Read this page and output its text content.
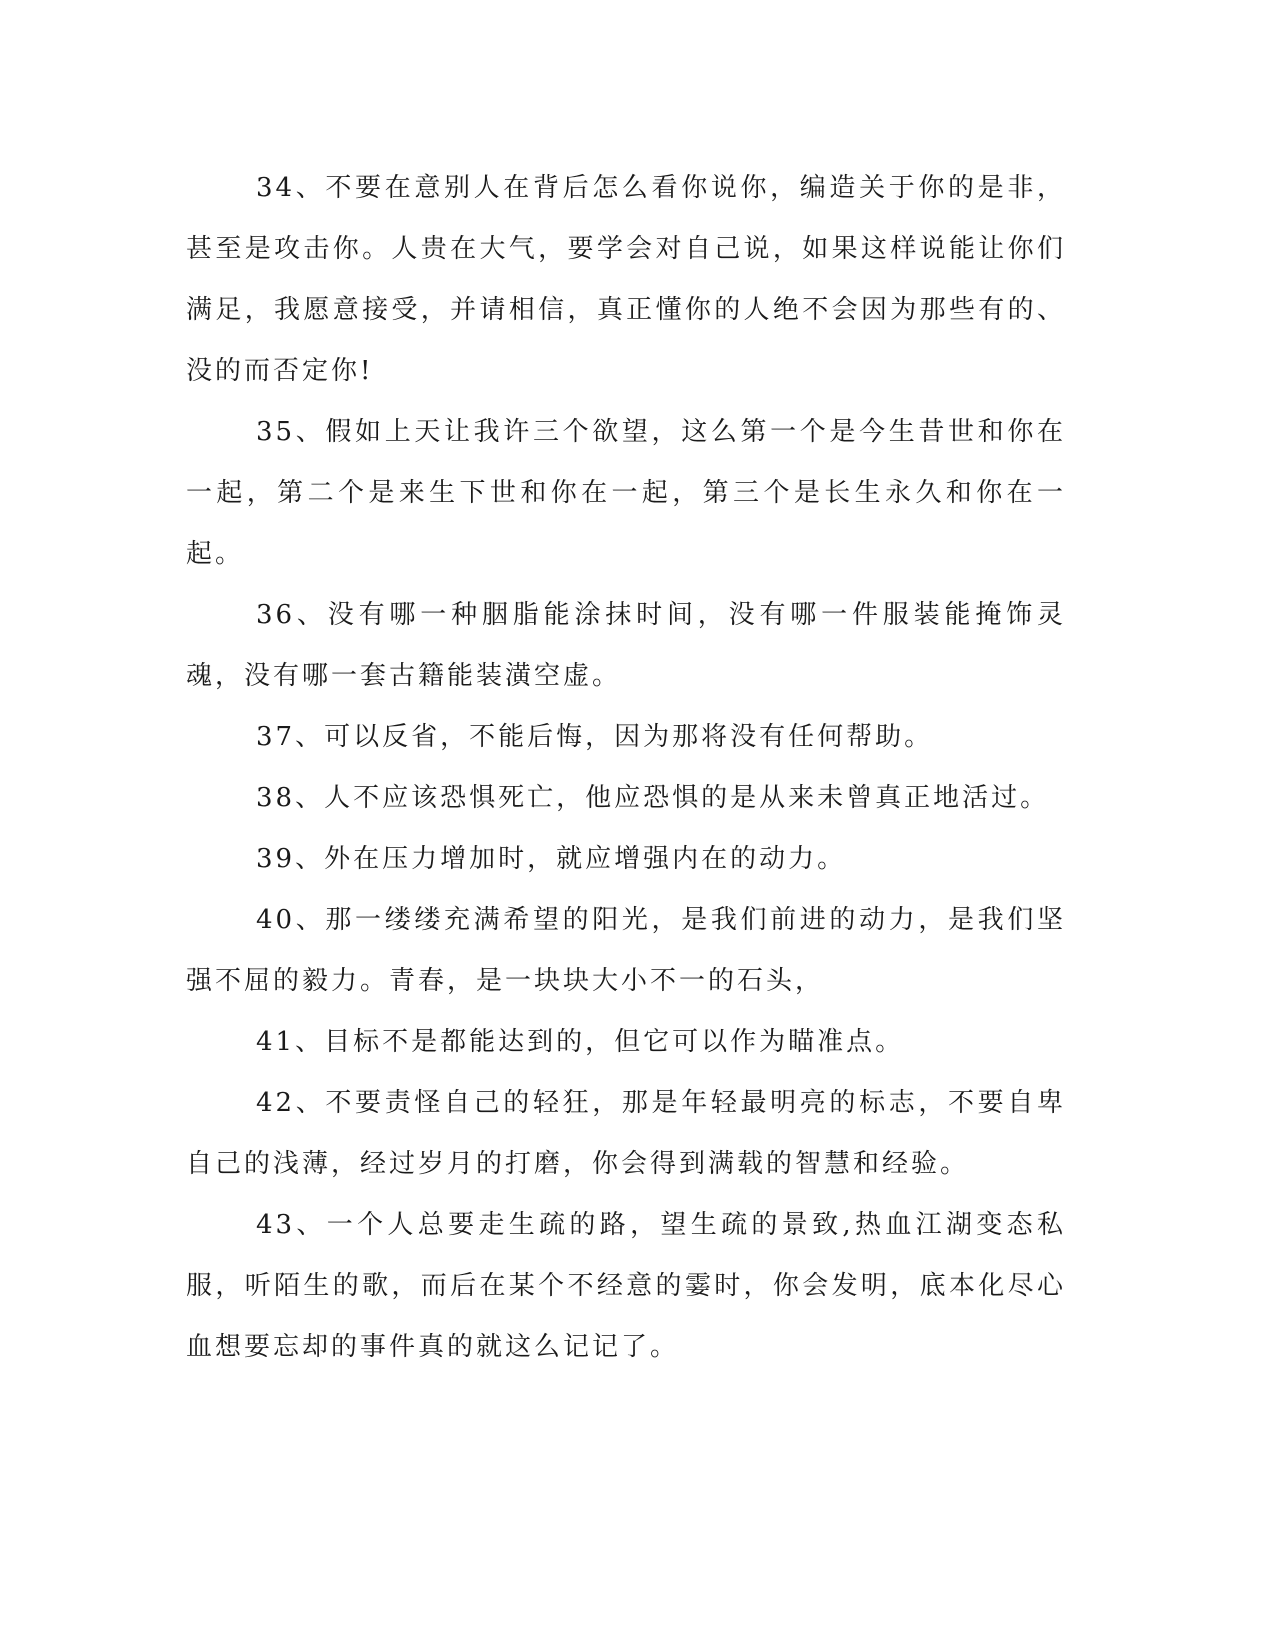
34、不要在意别人在背后怎么看你说你，编造关于你的是非，甚至是攻击你。人贵在大气，要学会对自己说，如果这样说能让你们满足，我愿意接受，并请相信，真正懂你的人绝不会因为那些有的、没的而否定你!

35、假如上天让我许三个欲望，这么第一个是今生昔世和你在一起，第二个是来生下世和你在一起，第三个是长生永久和你在一起。

36、没有哪一种胭脂能涂抹时间，没有哪一件服装能掩饰灵魂，没有哪一套古籍能装潢空虚。

37、可以反省，不能后悔，因为那将没有任何帮助。

38、人不应该恐惧死亡，他应恐惧的是从来未曾真正地活过。

39、外在压力增加时，就应增强内在的动力。

40、那一缕缕充满希望的阳光，是我们前进的动力，是我们坚强不屈的毅力。青春，是一块块大小不一的石头，

41、目标不是都能达到的，但它可以作为瞄准点。

42、不要责怪自己的轻狂，那是年轻最明亮的标志，不要自卑自己的浅薄，经过岁月的打磨，你会得到满载的智慧和经验。

43、一个人总要走生疏的路，望生疏的景致,热血江湖变态私服，听陌生的歌，而后在某个不经意的霎时，你会发明，底本化尽心血想要忘却的事件真的就这么记记了。
